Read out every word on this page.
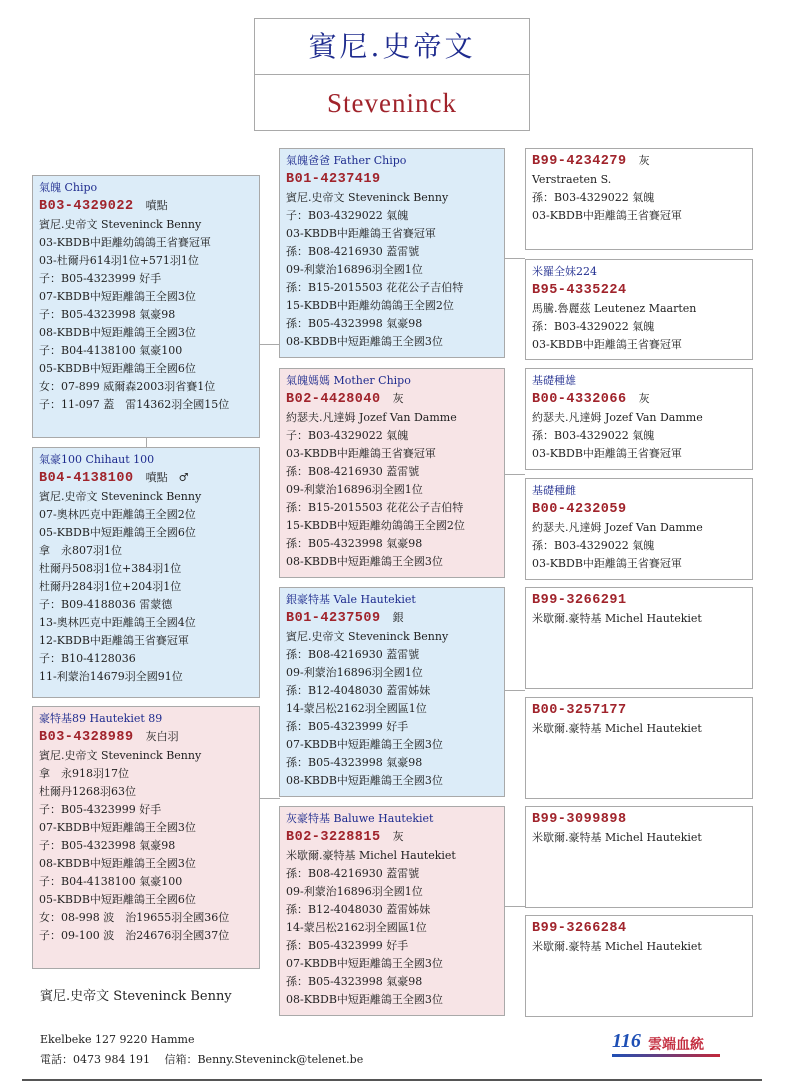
賓尼.史帝文
Steveninck
氣魄 Chipo
B03-4329022 噴點
賓尼.史帝文 Steveninck Benny
03-KBDB中距離幼鴿鴿王省賽冠軍
03-杜爾丹614羽1位+571羽1位
子：B05-4323999 好手
07-KBDB中短距離鴿王全國3位
子：B05-4323998 氣豪98
08-KBDB中短距離鴿王全國3位
子：B04-4138100 氣豪100
05-KBDB中短距離鴿王全國6位
女：07-899 威爾森2003羽省賽1位
子：11-097 蓋　雷14362羽全國15位
氣豪100 Chihaut 100
B04-4138100 噴點　♂
賓尼.史帝文 Steveninck Benny
07-奧林匹克中距離鴿王全國2位
05-KBDB中短距離鴿王全國6位
拿　永807羽1位
杜爾丹508羽1位+384羽1位
杜爾丹284羽1位+204羽1位
子：B09-4188036 雷蒙德
13-奧林匹克中距離鴿王全國4位
12-KBDB中距離鴿王省賽冠軍
子：B10-4128036
11-利蒙治14679羽全國91位
豪特基89 Hautekiet 89
B03-4328989 灰白羽
賓尼.史帝文 Steveninck Benny
拿　永918羽17位
杜爾丹1268羽63位
子：B05-4323999 好手
07-KBDB中短距離鴿王全國3位
子：B05-4323998 氣豪98
08-KBDB中短距離鴿王全國3位
子：B04-4138100 氣豪100
05-KBDB中短距離鴿王全國6位
女：08-998 波　治19655羽全國36位
子：09-100 波　治24676羽全國37位
氣魄爸爸 Father Chipo
B01-4237419
賓尼.史帝文 Steveninck Benny
子：B03-4329022 氣魄
03-KBDB中距離鴿王省賽冠軍
孫：B08-4216930 蓋雷號
09-利蒙治16896羽全國1位
孫：B15-2015503 花花公子吉伯特
15-KBDB中距離幼鴿鴿王全國2位
孫：B05-4323998 氣豪98
08-KBDB中短距離鴿王全國3位
氣魄媽媽 Mother Chipo
B02-4428040 灰
約瑟夫.凡達姆 Jozef Van Damme
子：B03-4329022 氣魄
03-KBDB中距離鴿王省賽冠軍
孫：B08-4216930 蓋雷號
09-利蒙治16896羽全國1位
孫：B15-2015503 花花公子吉伯特
15-KBDB中短距離幼鴿鴿王全國2位
孫：B05-4323998 氣豪98
08-KBDB中短距離鴿王全國3位
銀豪特基 Vale Hautekiet
B01-4237509 銀
賓尼.史帝文 Steveninck Benny
孫：B08-4216930 蓋雷號
09-利蒙治16896羽全國1位
孫：B12-4048030 蓋雷姊妹
14-蒙呂松2162羽全國區1位
孫：B05-4323999 好手
07-KBDB中短距離鴿王全國3位
孫：B05-4323998 氣豪98
08-KBDB中短距離鴿王全國3位
灰豪特基 Baluwe Hautekiet
B02-3228815 灰
米歇爾.豪特基 Michel Hautekiet
孫：B08-4216930 蓋雷號
09-利蒙治16896羽全國1位
孫：B12-4048030 蓋雷姊妹
14-蒙呂松2162羽全國區1位
孫：B05-4323999 好手
07-KBDB中短距離鴿王全國3位
孫：B05-4323998 氣豪98
08-KBDB中短距離鴿王全國3位
B99-4234279 灰
Verstraeten S.
孫：B03-4329022 氣魄
03-KBDB中距離鴿王省賽冠軍
米羅全妹224
B95-4335224
馬騰.魯麗茲 Leutenez Maarten
孫：B03-4329022 氣魄
03-KBDB中距離鴿王省賽冠軍
基礎種雄
B00-4332066 灰
約瑟夫.凡達姆 Jozef Van Damme
孫：B03-4329022 氣魄
03-KBDB中距離鴿王省賽冠軍
基礎種雌
B00-4232059
約瑟夫.凡達姆 Jozef Van Damme
孫：B03-4329022 氣魄
03-KBDB中距離鴿王省賽冠軍
B99-3266291
米歇爾.豪特基 Michel Hautekiet
B00-3257177
米歇爾.豪特基 Michel Hautekiet
B99-3099898
米歇爾.豪特基 Michel Hautekiet
B99-3266284
米歇爾.豪特基 Michel Hautekiet
賓尼.史帝文 Steveninck Benny
Ekelbeke 127 9220 Hamme
電話：0473 984 191　 信箱：Benny.Steveninck@telenet.be
116 雲端血統
